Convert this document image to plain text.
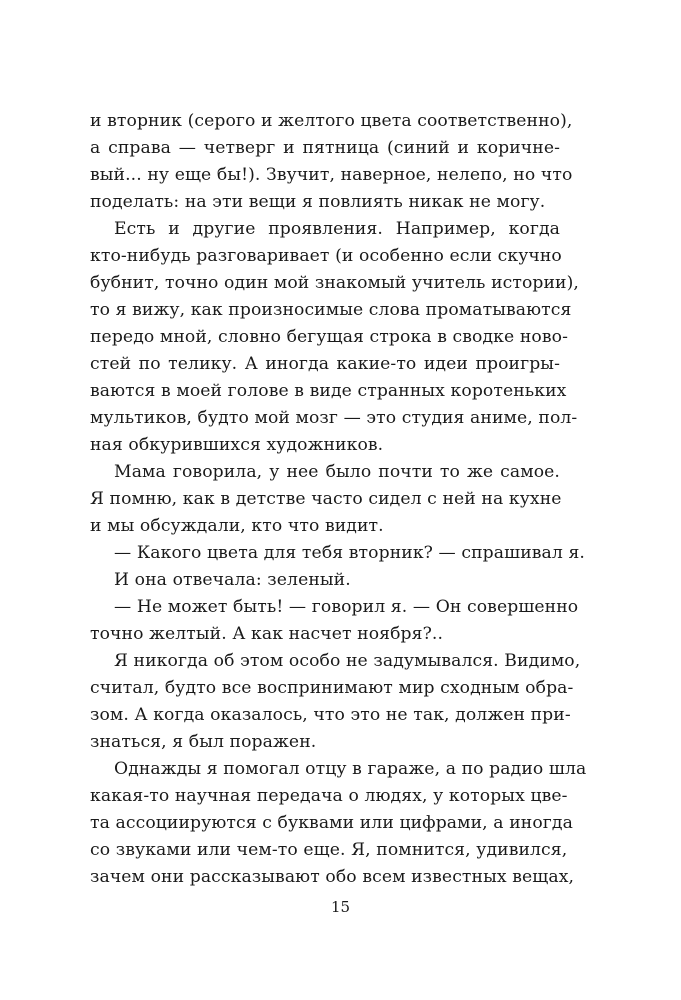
и вторник (серого и желтого цвета соответственно),
а справа — четверг и пятница (синий и коричне-
вый... ну еще бы!). Звучит, наверное, нелепо, но что
поделать: на эти вещи я повлиять никак не могу.
Есть и другие проявления. Например, когда
кто-нибудь разговаривает (и особенно если скучно
бубнит, точно один мой знакомый учитель истории),
то я вижу, как произносимые слова проматываются
передо мной, словно бегущая строка в сводке ново-
стей по телику. А иногда какие-то идеи проигры-
ваются в моей голове в виде странных коротеньких
мультиков, будто мой мозг — это студия аниме, пол-
ная обкурившихся художников.
Мама говорила, у нее было почти то же самое.
Я помню, как в детстве часто сидел с ней на кухне
и мы обсуждали, кто что видит.
— Какого цвета для тебя вторник? — спрашивал я.
И она отвечала: зеленый.
— Не может быть! — говорил я. — Он совершенно
точно желтый. А как насчет ноября?..
Я никогда об этом особо не задумывался. Видимо,
считал, будто все воспринимают мир сходным обра-
зом. А когда оказалось, что это не так, должен при-
знаться, я был поражен.
Однажды я помогал отцу в гараже, а по радио шла
какая-то научная передача о людях, у которых цве-
та ассоциируются с буквами или цифрами, а иногда
со звуками или чем-то еще. Я, помнится, удивился,
зачем они рассказывают обо всем известных вещах,
15
